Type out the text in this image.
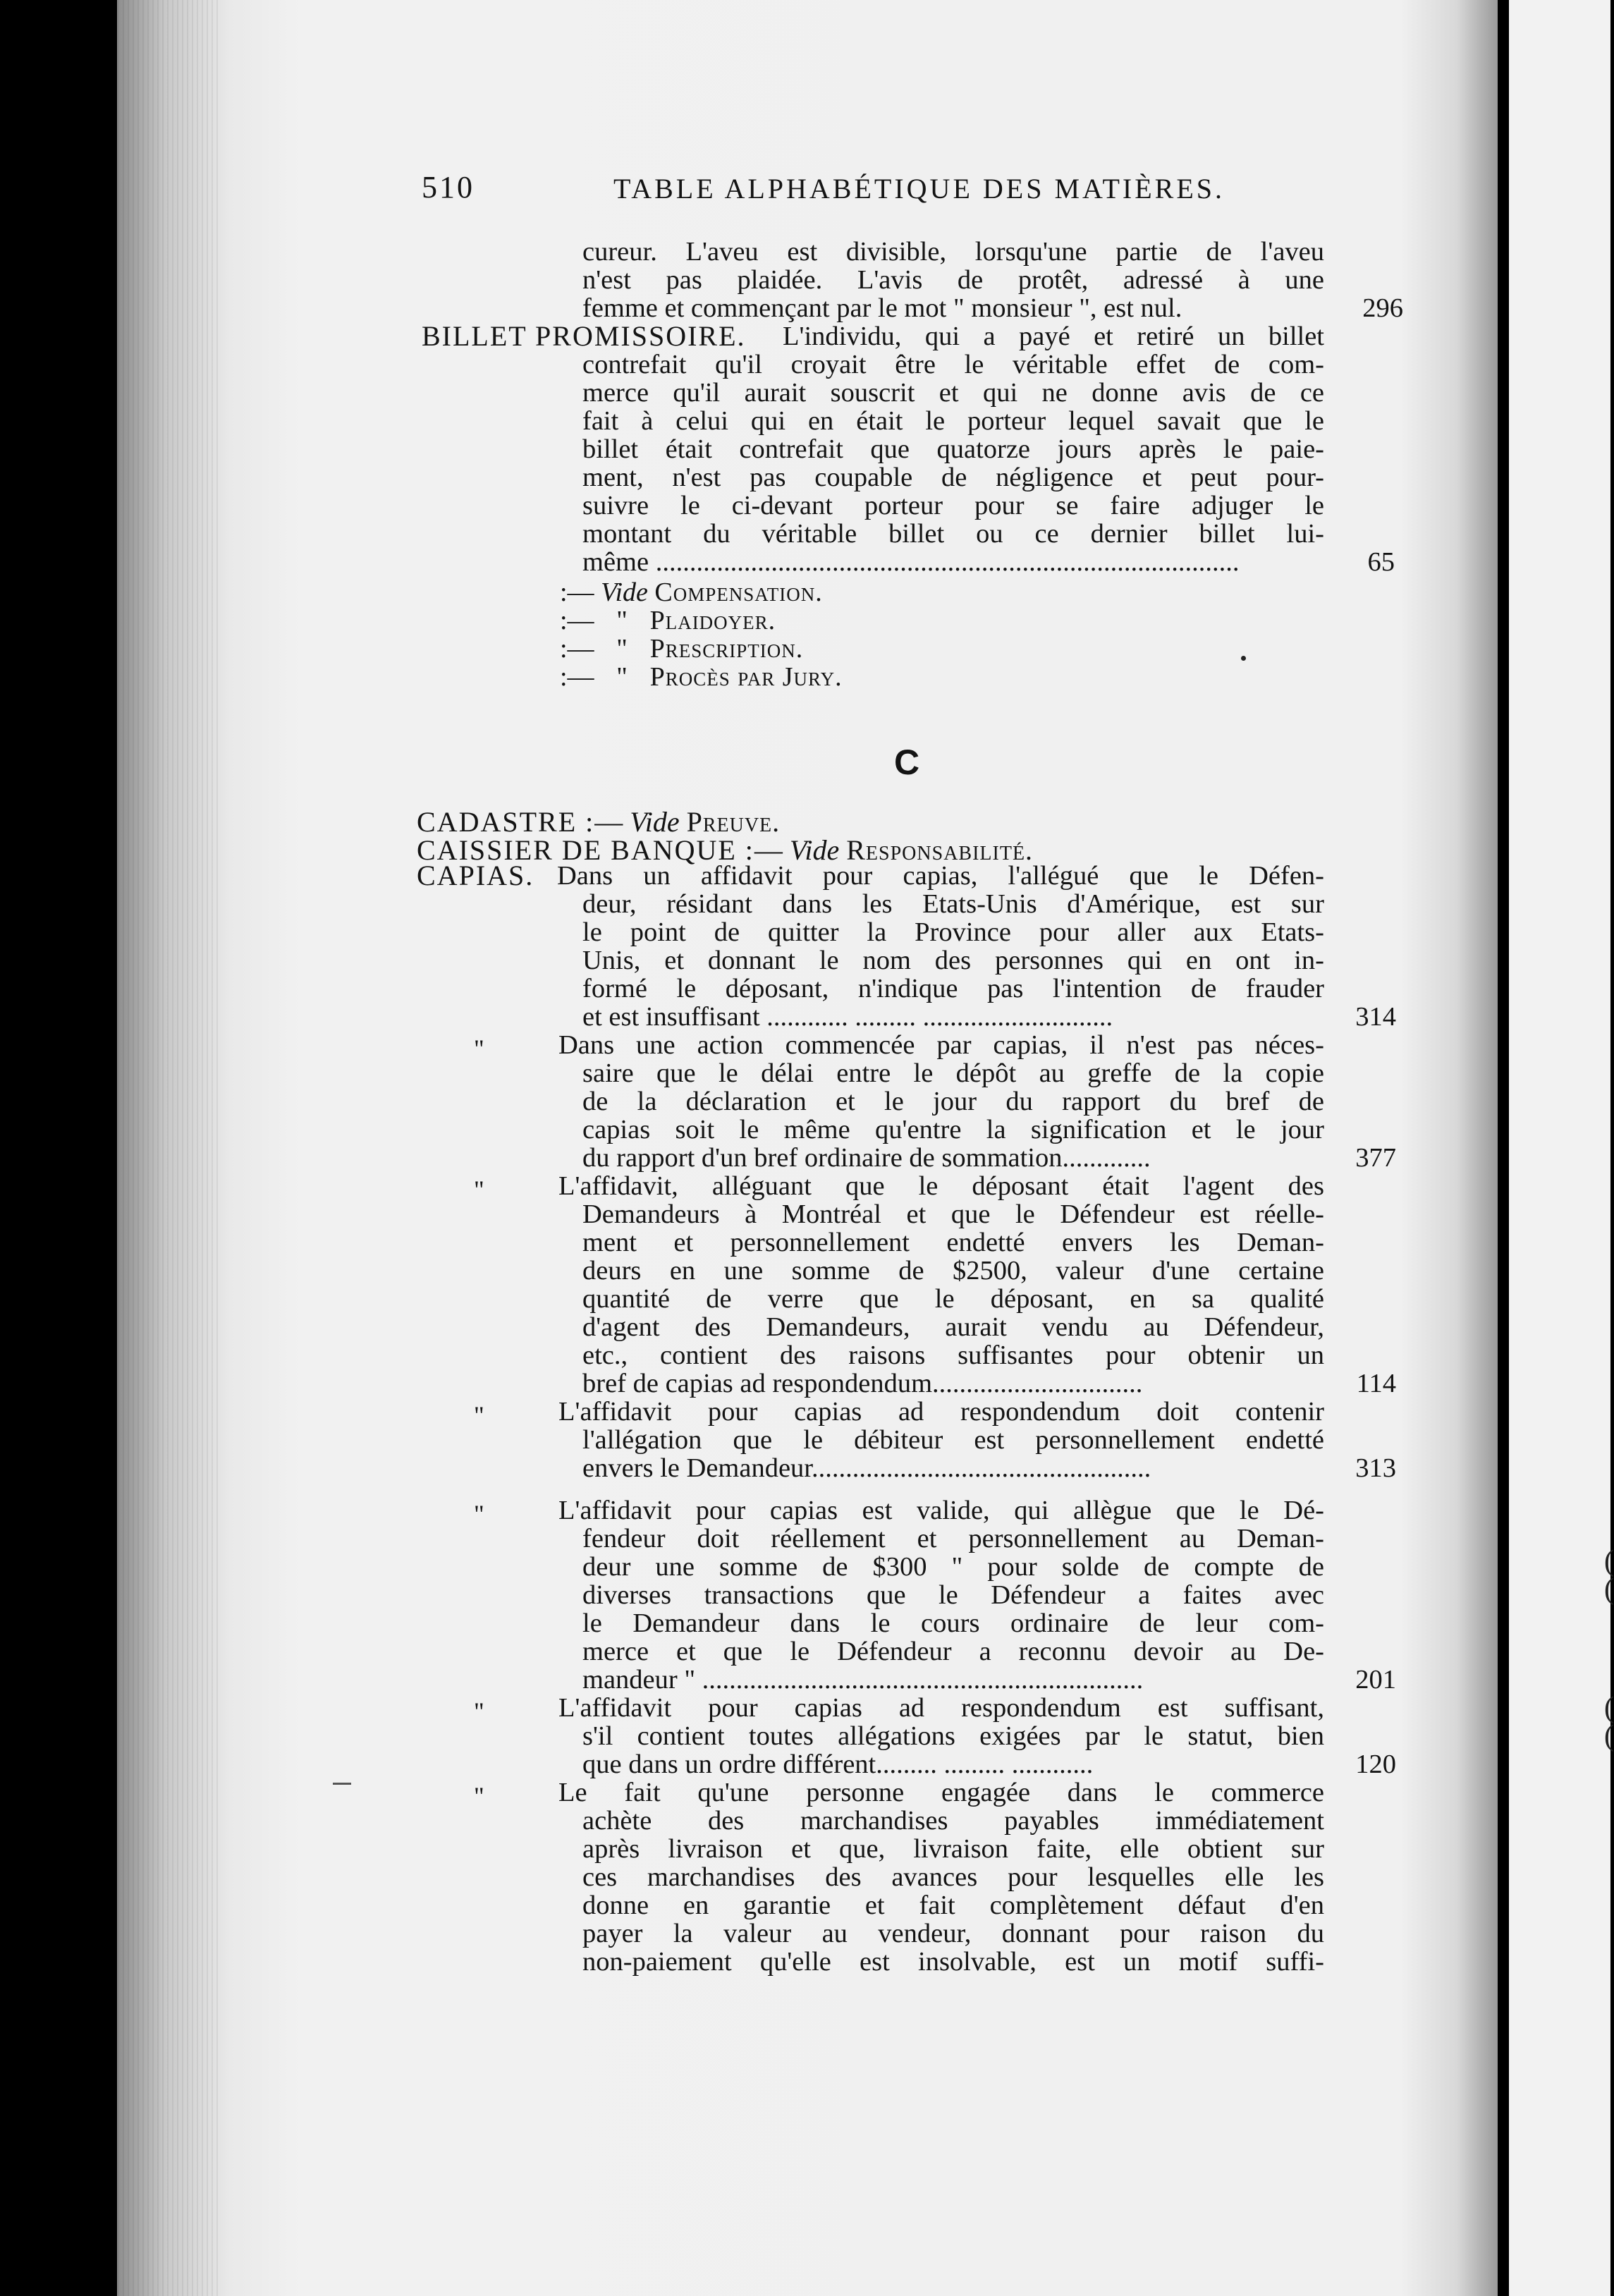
(
(
(
(
510	TABLE ALPHABÉTIQUE DES MATIÈRES.
cureur. L'aveu est divisible, lorsqu'une partie de l'aveu
n'est pas plaidée. L'avis de protêt, adressé à une
femme et commençant par le mot " monsieur ", est nul.	296
BILLET PROMISSOIRE. L'individu, qui a payé et retiré un billet
contrefait qu'il croyait être le véritable effet de com-
merce qu'il aurait souscrit et qui ne donne avis de ce
fait à celui qui en était le porteur lequel savait que le
billet était contrefait que quatorze jours après le paie-
ment, n'est pas coupable de négligence et peut pour-
suivre le ci-devant porteur pour se faire adjuger le
montant du véritable billet ou ce dernier billet lui-
même ......................................................................................	65
:— Vide Compensation.
:— " Plaidoyer.
:— " Prescription.
:— " Procès par Jury.
C
CADASTRE :— Vide Preuve.
CAISSIER DE BANQUE :— Vide Responsabilité.
CAPIAS. Dans un affidavit pour capias, l'allégué que le Défen-
deur, résidant dans les Etats-Unis d'Amérique, est sur
le point de quitter la Province pour aller aux Etats-
Unis, et donnant le nom des personnes qui en ont in-
formé le déposant, n'indique pas l'intention de frauder
et est insuffisant ............ ......... ............................	314
"	Dans une action commencée par capias, il n'est pas néces-
saire que le délai entre le dépôt au greffe de la copie
de la déclaration et le jour du rapport du bref de
capias soit le même qu'entre la signification et le jour
du rapport d'un bref ordinaire de sommation.............	377
"	L'affidavit, alléguant que le déposant était l'agent des
Demandeurs à Montréal et que le Défendeur est réelle-
ment et personnellement endetté envers les Deman-
deurs en une somme de $2500, valeur d'une certaine
quantité de verre que le déposant, en sa qualité
d'agent des Demandeurs, aurait vendu au Défendeur,
etc., contient des raisons suffisantes pour obtenir un
bref de capias ad respondendum...............................	114
"	L'affidavit pour capias ad respondendum doit contenir
l'allégation que le débiteur est personnellement endetté
envers le Demandeur..................................................	313
"	L'affidavit pour capias est valide, qui allègue que le Dé-
fendeur doit réellement et personnellement au Deman-
deur une somme de $300 " pour solde de compte de
diverses transactions que le Défendeur a faites avec
le Demandeur dans le cours ordinaire de leur com-
merce et que le Défendeur a reconnu devoir au De-
mandeur " .................................................................	201
"	L'affidavit pour capias ad respondendum est suffisant,
s'il contient toutes allégations exigées par le statut, bien
que dans un ordre différent......... ......... ............	120
"	Le fait qu'une personne engagée dans le commerce
achète des marchandises payables immédiatement
après livraison et que, livraison faite, elle obtient sur
ces marchandises des avances pour lesquelles elle les
donne en garantie et fait complètement défaut d'en
payer la valeur au vendeur, donnant pour raison du
non-paiement qu'elle est insolvable, est un motif suffi-
